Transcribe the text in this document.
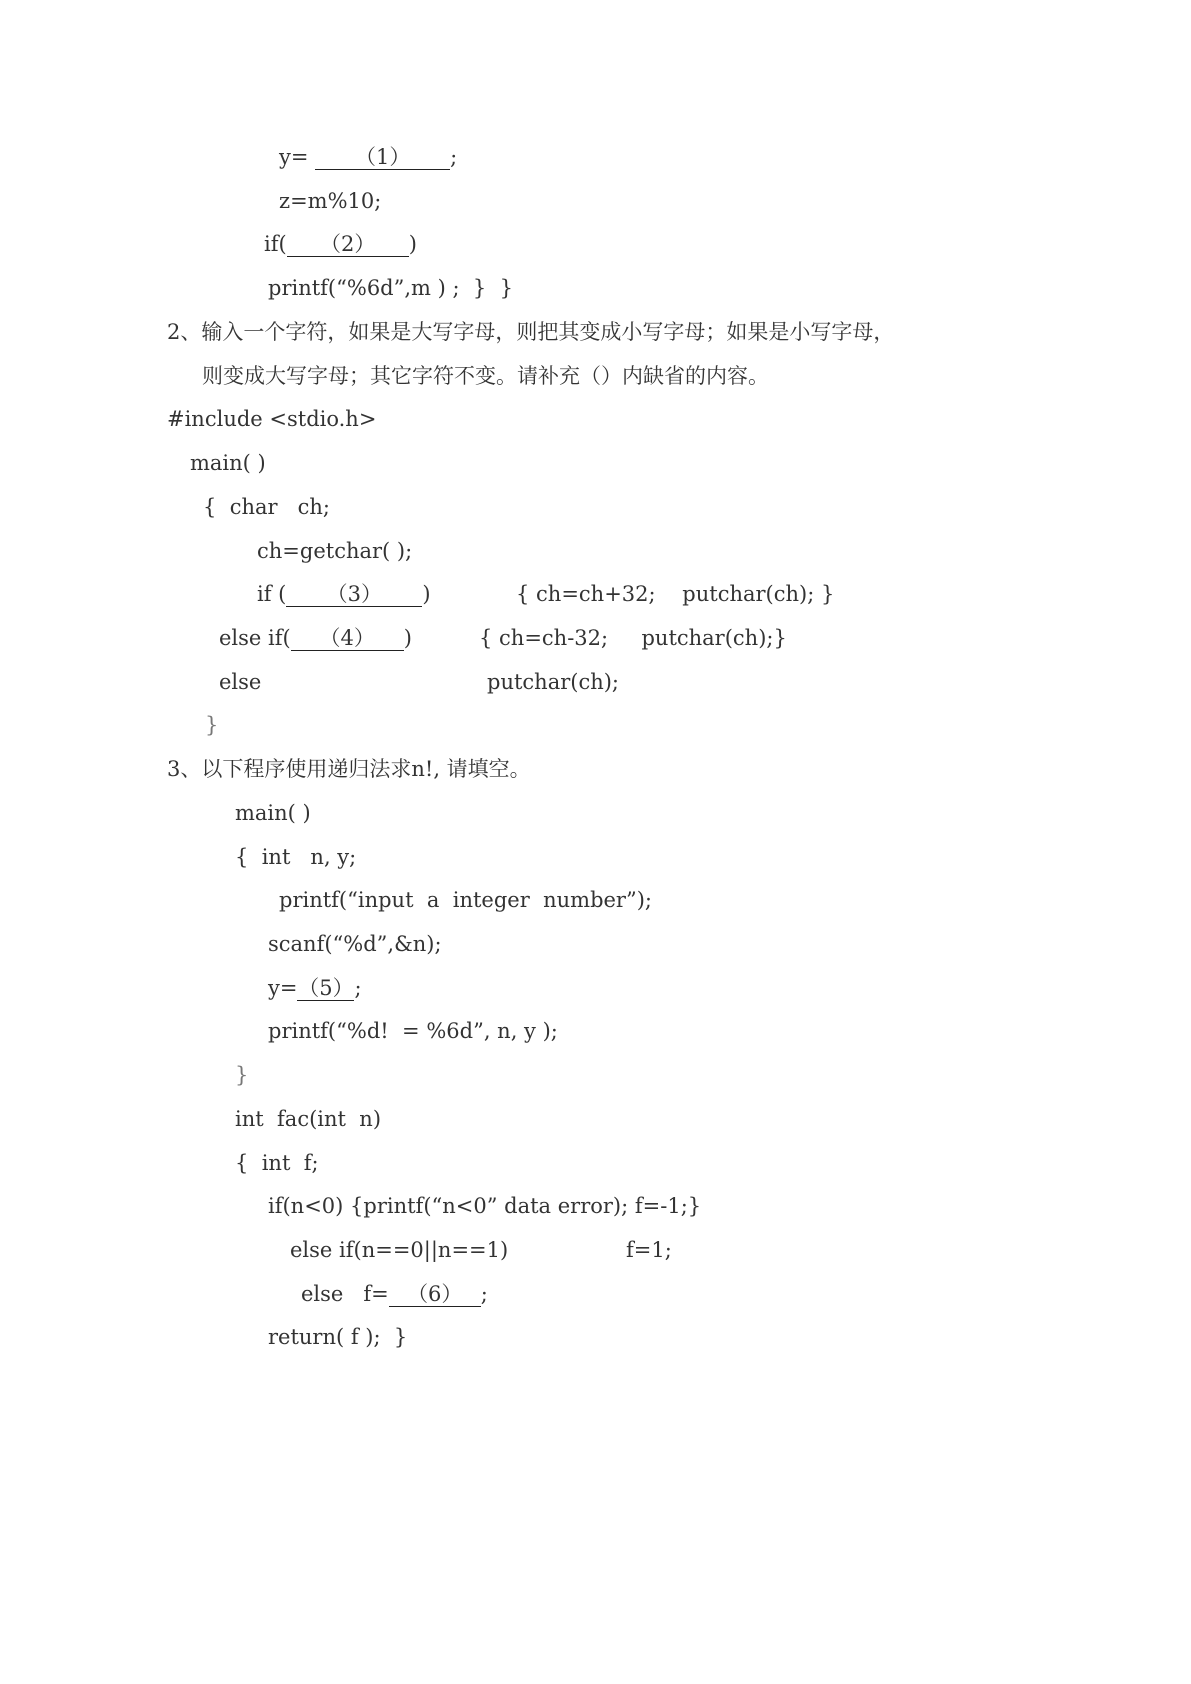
y= （1） ;
z=m%10;
if( （2） )
printf(“%6d”,m ) ;  }  }
2、输入一个字符，如果是大写字母，则把其变成小写字母；如果是小写字母，
则变成大写字母；其它字符不变。请补充（）内缺省的内容。
#include <stdio.h>
main( )
{  char   ch;
ch=getchar( );
if ( （3） )	{ ch=ch+32;    putchar(ch); }
else if( （4） )	{ ch=ch-32;     putchar(ch);}
else	putchar(ch);
}
3、以下程序使用递归法求n!, 请填空。
main( )
{  int   n, y;
printf(“input  a  integer  number”);
scanf(“%d”,&n);
y=（5）;
printf(“%d!  = %6d”, n, y );
}
int  fac(int  n)
{  int  f;
if(n<0) {printf(“n<0” data error); f=-1;}
else if(n==0||n==1)	f=1;
else   f= （6） ;
return( f );  }
